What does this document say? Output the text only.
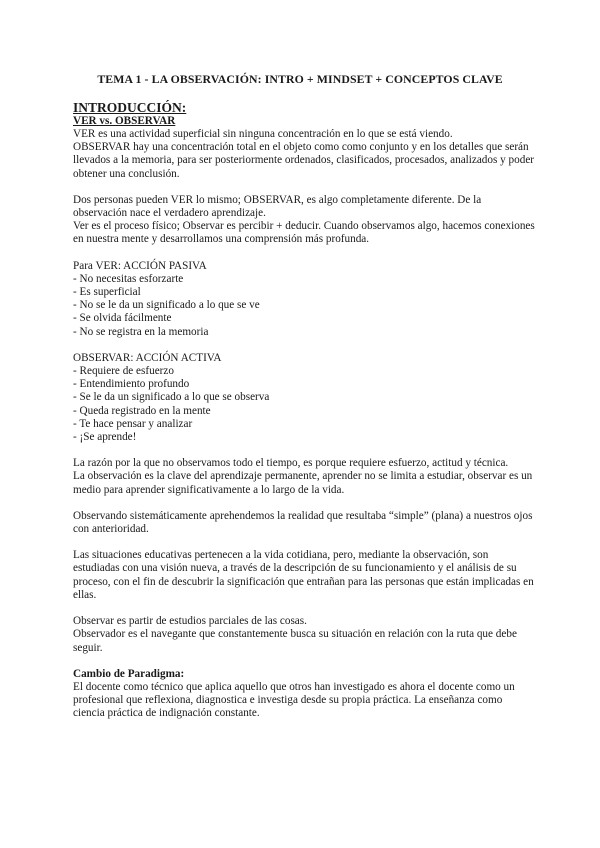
TEMA 1 - LA OBSERVACIÓN: INTRO + MINDSET + CONCEPTOS CLAVE
INTRODUCCIÓN:
VER vs. OBSERVAR

VER es una actividad superficial sin ninguna concentración en lo que se está viendo.

OBSERVAR hay una concentración total en el objeto como como conjunto y en los detalles que serán llevados a la memoria, para ser posteriormente ordenados, clasificados, procesados, analizados y poder obtener una conclusión.

Dos personas pueden VER lo mismo; OBSERVAR, es algo completamente diferente. De la observación nace el verdadero aprendizaje.

Ver es el proceso físico; Observar es percibir + deducir. Cuando observamos algo, hacemos conexiones en nuestra mente y desarrollamos una comprensión más profunda.

Para VER: ACCIÓN PASIVA
- No necesitas esforzarte
- Es superficial
- No se le da un significado a lo que se ve
- Se olvida fácilmente
- No se registra en la memoria
OBSERVAR: ACCIÓN ACTIVA
- Requiere de esfuerzo
- Entendimiento profundo
- Se le da un significado a lo que se observa
- Queda registrado en la mente
- Te hace pensar y analizar
- ¡Se aprende!

La razón por la que no observamos todo el tiempo, es porque requiere esfuerzo, actitud y técnica.

La observación es la clave del aprendizaje permanente, aprender no se limita a estudiar, observar es un medio para aprender significativamente a lo largo de la vida.

Observando sistemáticamente aprehendemos la realidad que resultaba “simple” (plana) a nuestros ojos con anterioridad.

Las situaciones educativas pertenecen a la vida cotidiana, pero, mediante la observación, son estudiadas con una visión nueva, a través de la descripción de su funcionamiento y el análisis de su proceso, con el fin de descubrir la significación que entrañan para las personas que están implicadas en ellas.

Observar es partir de estudios parciales de las cosas.

Observador es el navegante que constantemente busca su situación en relación con la ruta que debe seguir.

Cambio de Paradigma:

El docente como técnico que aplica aquello que otros han investigado es ahora el docente como un profesional que reflexiona, diagnostica e investiga desde su propia práctica. La enseñanza como ciencia práctica de indignación constante.
